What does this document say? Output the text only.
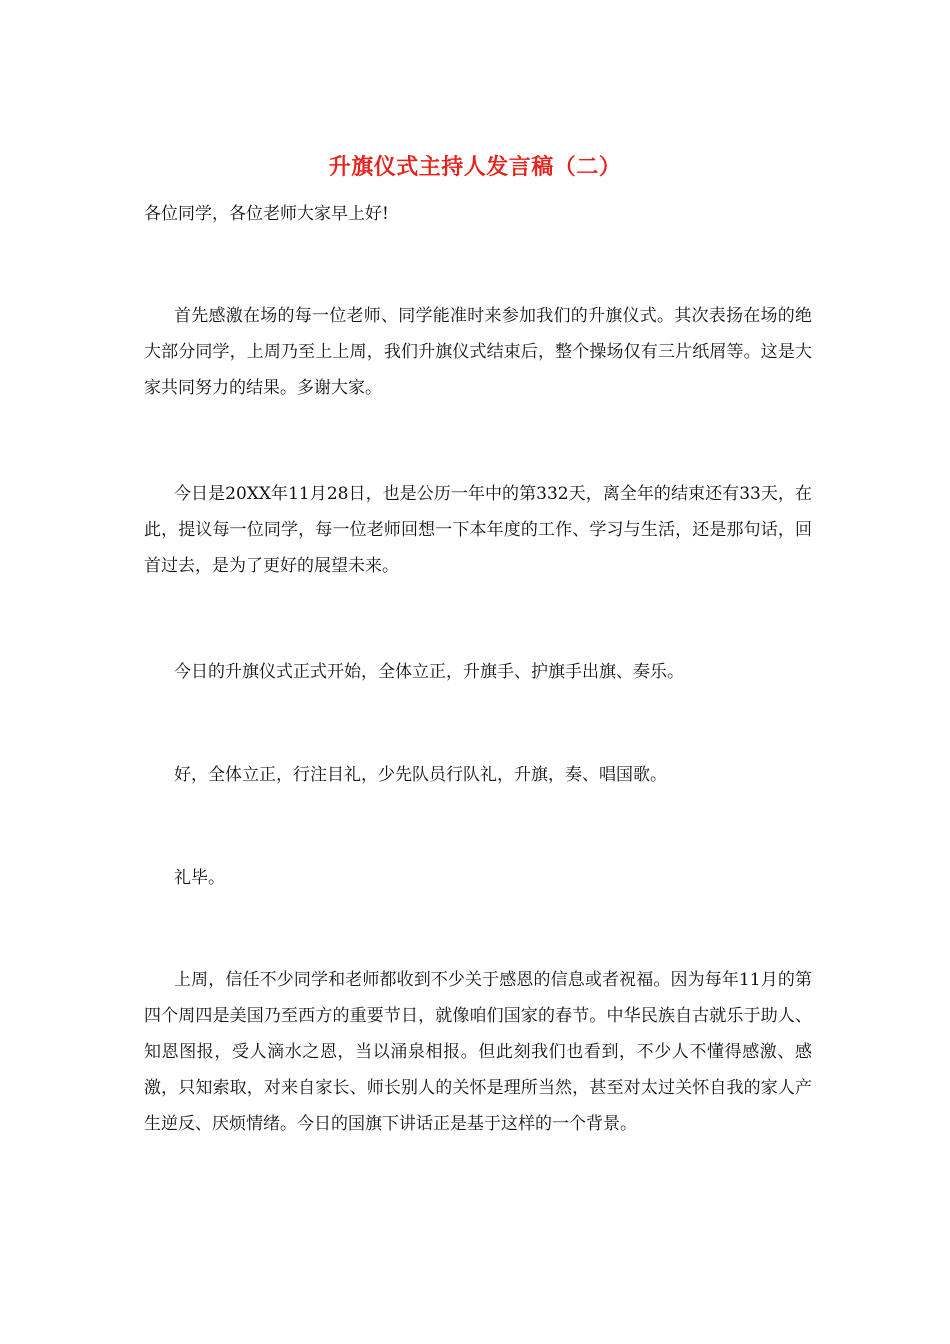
升旗仪式主持人发言稿（二）

各位同学，各位老师大家早上好!

首先感激在场的每一位老师、同学能准时来参加我们的升旗仪式。其次表扬在场的绝大部分同学，上周乃至上上周，我们升旗仪式结束后，整个操场仅有三片纸屑等。这是大家共同努力的结果。多谢大家。

今日是20XX年11月28日，也是公历一年中的第332天，离全年的结束还有33天，在此，提议每一位同学，每一位老师回想一下本年度的工作、学习与生活，还是那句话，回首过去，是为了更好的展望未来。

今日的升旗仪式正式开始，全体立正，升旗手、护旗手出旗、奏乐。

好，全体立正，行注目礼，少先队员行队礼，升旗，奏、唱国歌。

礼毕。

上周，信任不少同学和老师都收到不少关于感恩的信息或者祝福。因为每年11月的第四个周四是美国乃至西方的重要节日，就像咱们国家的春节。中华民族自古就乐于助人、知恩图报，受人滴水之恩，当以涌泉相报。但此刻我们也看到，不少人不懂得感激、感激，只知索取，对来自家长、师长别人的关怀是理所当然，甚至对太过关怀自我的家人产生逆反、厌烦情绪。今日的国旗下讲话正是基于这样的一个背景。
